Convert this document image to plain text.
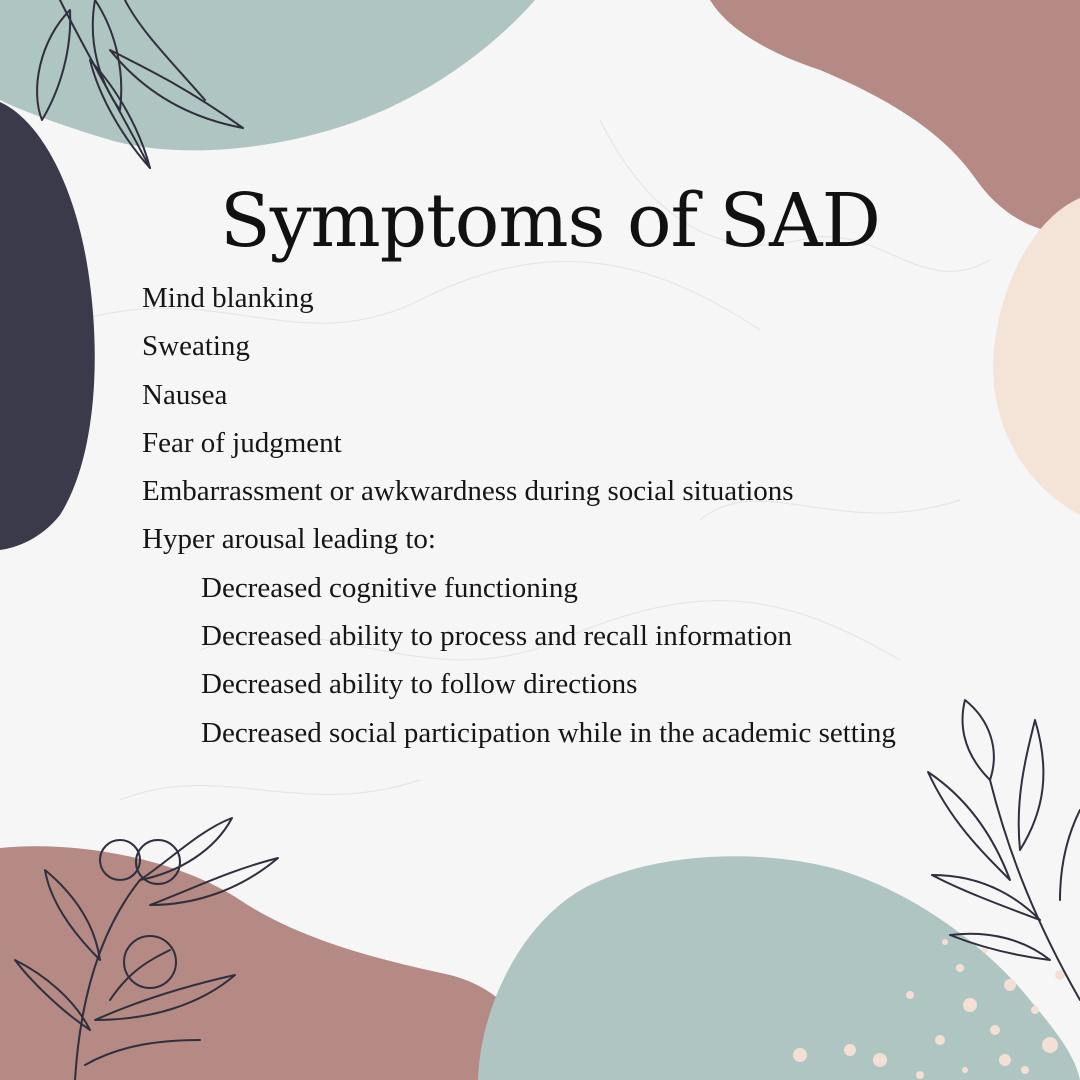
Symptoms of SAD
Mind blanking
Sweating
Nausea
Fear of judgment
Embarrassment or awkwardness during social situations
Hyper arousal leading to:
Decreased cognitive functioning
Decreased ability to process and recall information
Decreased ability to follow directions
Decreased social participation while in the academic setting
